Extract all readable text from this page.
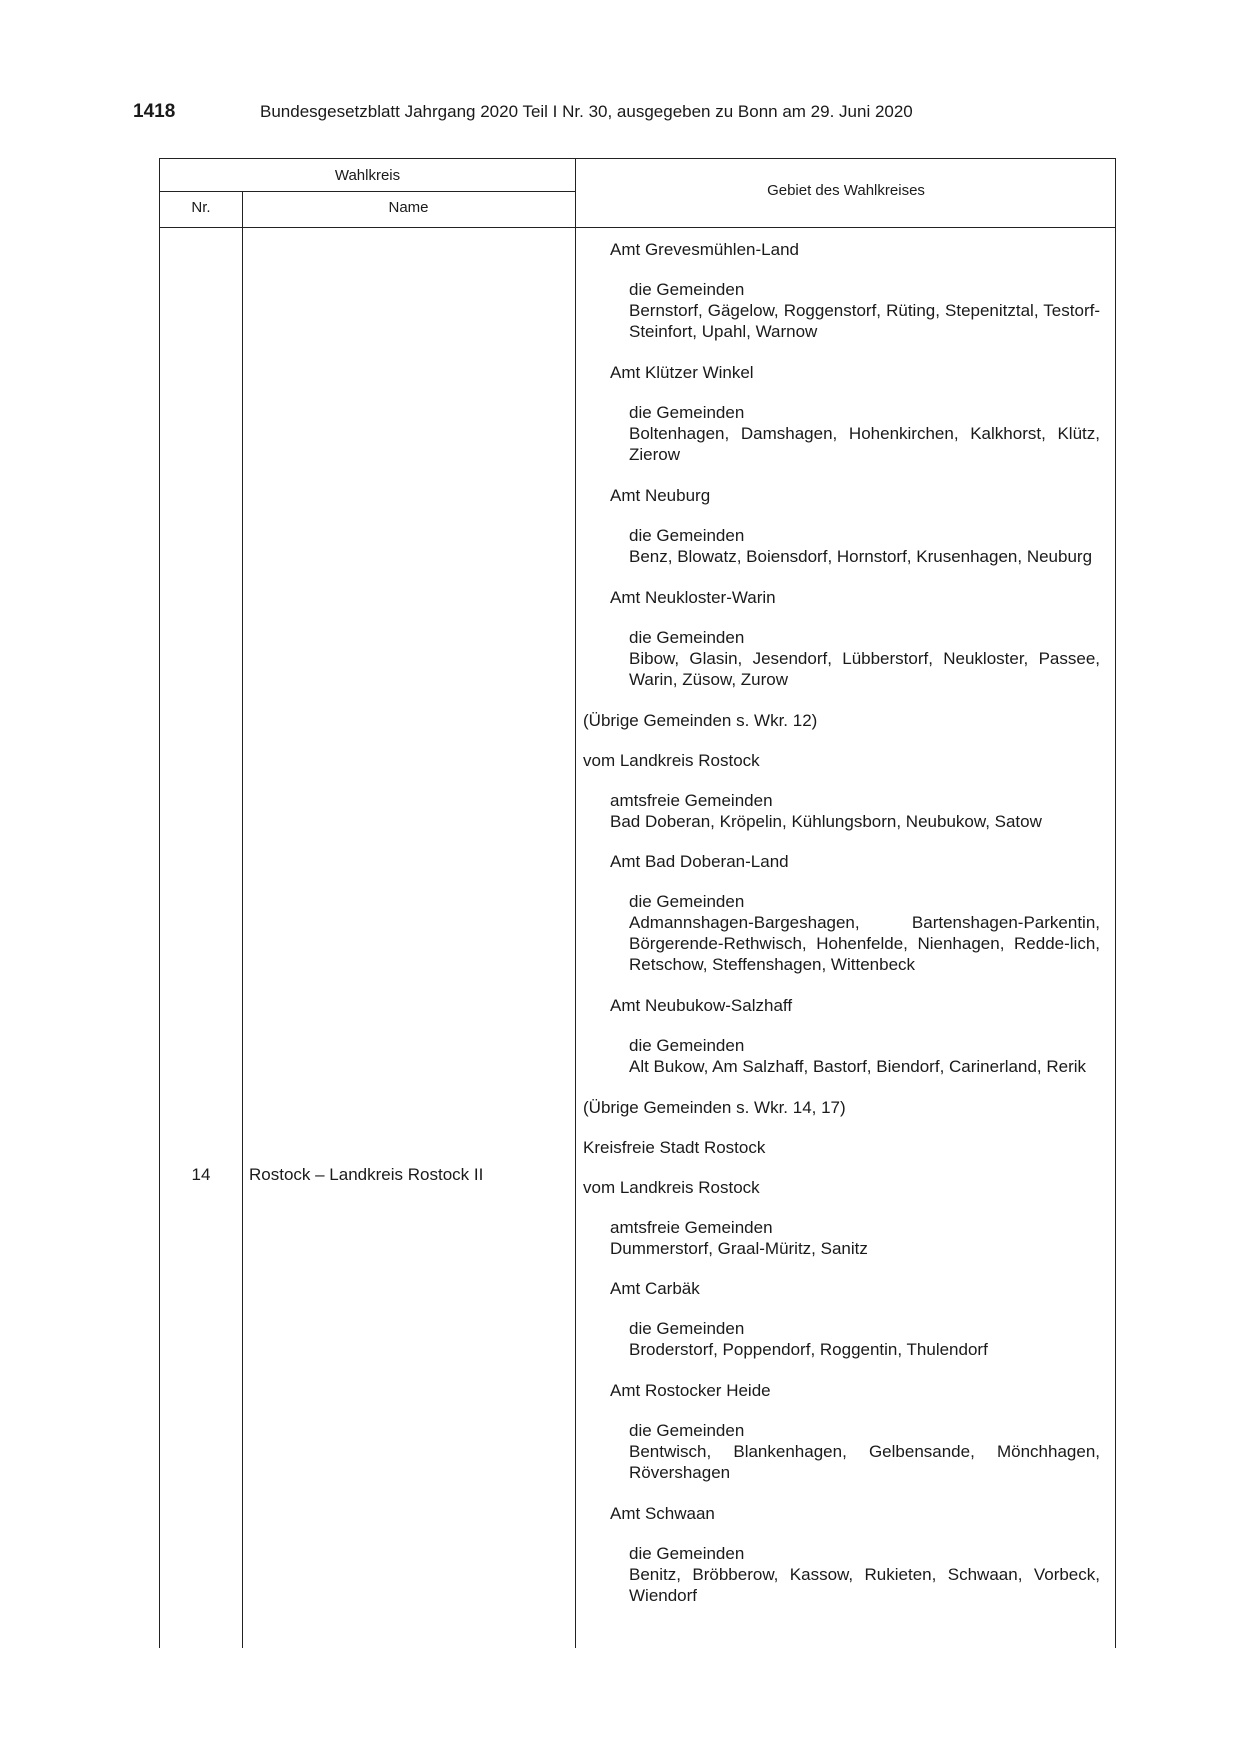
1418	Bundesgesetzblatt Jahrgang 2020 Teil I Nr. 30, ausgegeben zu Bonn am 29. Juni 2020
Wahlkreis
Nr.	Name
Gebiet des Wahlkreises
14	Rostock – Landkreis Rostock II
Amt Grevesmühlen-Land
die Gemeinden
Bernstorf, Gägelow, Roggenstorf, Rüting, Stepenitztal, Testorf-Steinfort, Upahl, Warnow
Amt Klützer Winkel
die Gemeinden
Boltenhagen, Damshagen, Hohenkirchen, Kalkhorst, Klütz, Zierow
Amt Neuburg
die Gemeinden
Benz, Blowatz, Boiensdorf, Hornstorf, Krusenhagen, Neuburg
Amt Neukloster-Warin
die Gemeinden
Bibow, Glasin, Jesendorf, Lübberstorf, Neukloster, Passee, Warin, Züsow, Zurow
(Übrige Gemeinden s. Wkr. 12)
vom Landkreis Rostock
amtsfreie Gemeinden
Bad Doberan, Kröpelin, Kühlungsborn, Neubukow, Satow
Amt Bad Doberan-Land
die Gemeinden
Admannshagen-Bargeshagen, Bartenshagen-Parkentin, Börgerende-Rethwisch, Hohenfelde, Nienhagen, Redde-lich, Retschow, Steffenshagen, Wittenbeck
Amt Neubukow-Salzhaff
die Gemeinden
Alt Bukow, Am Salzhaff, Bastorf, Biendorf, Carinerland, Rerik
(Übrige Gemeinden s. Wkr. 14, 17)
Kreisfreie Stadt Rostock
vom Landkreis Rostock
amtsfreie Gemeinden
Dummerstorf, Graal-Müritz, Sanitz
Amt Carbäk
die Gemeinden
Broderstorf, Poppendorf, Roggentin, Thulendorf
Amt Rostocker Heide
die Gemeinden
Bentwisch, Blankenhagen, Gelbensande, Mönchhagen, Rövershagen
Amt Schwaan
die Gemeinden
Benitz, Bröbberow, Kassow, Rukieten, Schwaan, Vorbeck, Wiendorf
